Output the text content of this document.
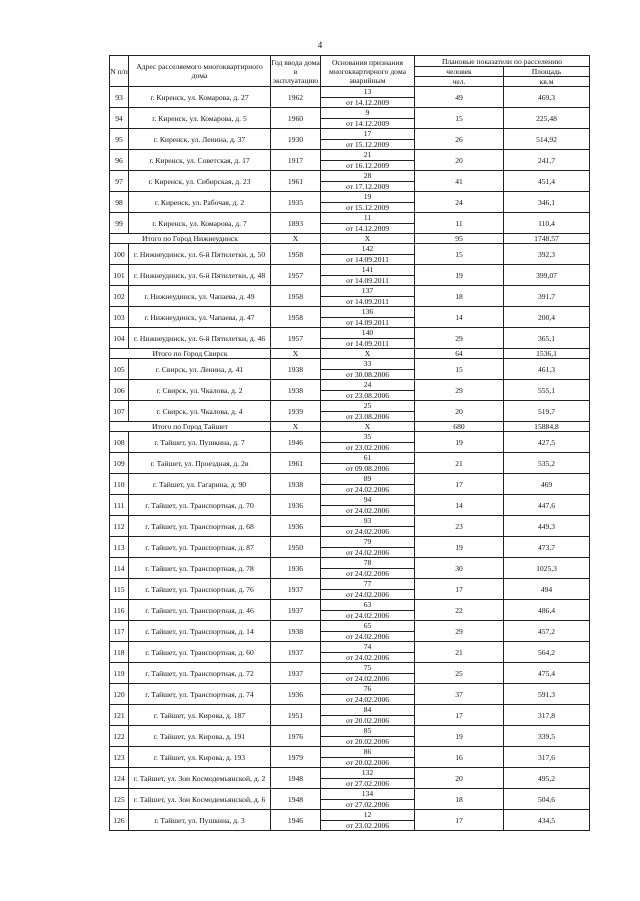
4
N п/п	Адрес расселяемого многоквартирного дома	Год ввода дома в эксплуатацию	Основания признания многоквартирного дома аварийным	Плановые показатели по расселению	
				человек	Площадь
				чел.	кв.м
93	г. Киренск, ул. Комарова, д. 27	1962	13
от 14.12.2009	49	469,3
94	г. Киренск, ул. Комарова, д. 5	1960	9
от 14.12.2009	15	225,48
95	г. Киренск, ул. Ленина, д. 37	1930	17
от 15.12.2009	26	514,92
96	г. Киренск, ул. Советская, д. 17	1917	21
от 16.12.2009	20	241,7
97	г. Киренск, ул. Сибирская, д. 23	1961	28
от 17.12.2009	41	451,4
98	г. Киренск, ул. Рабочая, д. 2	1935	19
от 15.12.2009	24	346,1
99	г. Киренск, ул. Комарова, д. 7	1893	11
от 14.12.2009	11	110,4
Итого по Город Нижнеудинск		X	X	95	1748,57
100	г. Нижнеудинск, ул. 6-й Пятилетки, д. 50	1958	142
от 14.09.2011	15	392,3
101	г. Нижнеудинск, ул. 6-й Пятилетки, д. 48	1957	141
от 14.09.2011	19	399,07
102	г. Нижнеудинск, ул. Чапаева, д. 49	1958	137
от 14.09.2011	18	391,7
103	г. Нижнеудинск, ул. Чапаева, д. 47	1958	136
от 14.09.2011	14	200,4
104	г. Нижнеудинск, ул. 6-й Пятилетки, д. 46	1957	140
от 14.09.2011	29	365,1
Итого по Город Свирск		X	X	64	1536,1
105	г. Свирск, ул. Ленина, д. 41	1938	33
от 30.08.2006	15	461,3
106	г. Свирск, ул. Чкалова, д. 2	1938	24
от 23.08.2006	29	555,1
107	г. Свирск, ул. Чкалова, д. 4	1939	25
от 23.08.2006	20	519,7
Итого по Город Тайшет		X	X	680	15884,8
108	г. Тайшет, ул. Пушкина, д. 7	1946	35
от 23.02.2006	19	427,5
109	г. Тайшет, ул. Проездная, д. 2в	1961	61
от 09.08.2006	21	535,2
110	г. Тайшет, ул. Гагарина, д. 90	1938	89
от 24.02.2006	17	469
111	г. Тайшет, ул. Транспортная, д. 70	1936	94
от 24.02.2006	14	447,6
112	г. Тайшет, ул. Транспортная, д. 68	1936	93
от 24.02.2006	23	449,3
113	г. Тайшет, ул. Транспортная, д. 87	1950	79
от 24.02.2006	19	473,7
114	г. Тайшет, ул. Транспортная, д. 78	1936	78
от 24.02.2006	30	1025,3
115	г. Тайшет, ул. Транспортная, д. 76	1937	77
от 24.02.2006	17	494
116	г. Тайшет, ул. Транспортная, д. 46	1937	63
от 24.02.2006	22	486,4
117	г. Тайшет, ул. Транспортная, д. 14	1938	65
от 24.02.2006	29	457,2
118	г. Тайшет, ул. Транспортная, д. 60	1937	74
от 24.02.2006	21	564,2
119	г. Тайшет, ул. Транспортная, д. 72	1937	75
от 24.02.2006	25	475,4
120	г. Тайшет, ул. Транспортная, д. 74	1936	76
от 24.02.2006	37	591,3
121	г. Тайшет, ул. Кирова, д. 187	1951	84
от 20.02.2006	17	317,8
122	г. Тайшет, ул. Кирова, д. 191	1976	85
от 20.02.2006	19	339,5
123	г. Тайшет, ул. Кирова, д. 193	1979	86
от 20.02.2006	16	317,6
124	г. Тайшет, ул. Зои Космодемьянской, д. 2	1948	132
от 27.02.2006	20	495,2
125	г. Тайшет, ул. Зои Космодемьянской, д. 6	1948	134
от 27.02.2006	18	504,6
126	г. Тайшет, ул. Пушкина, д. 3	1946	12
от 23.02.2006	17	434,5
